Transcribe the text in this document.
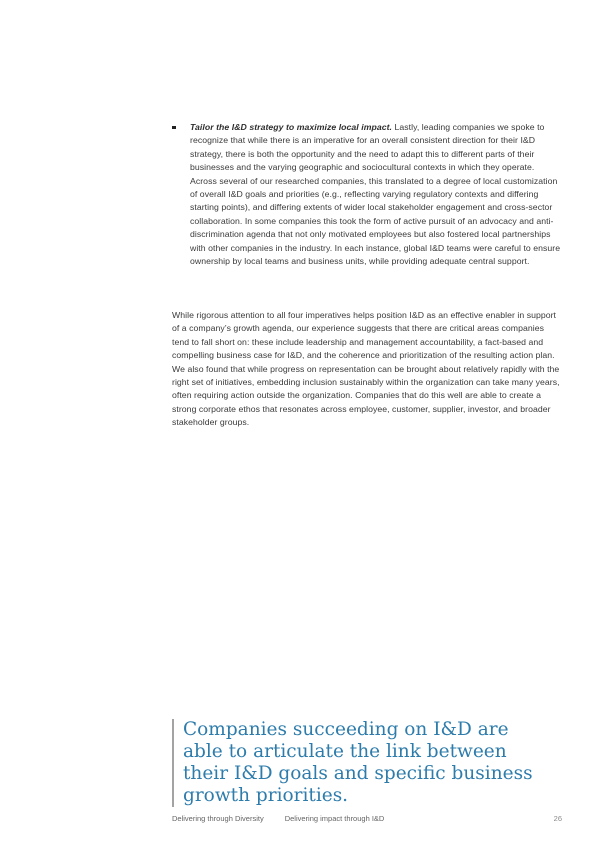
Tailor the I&D strategy to maximize local impact. Lastly, leading companies we spoke to recognize that while there is an imperative for an overall consistent direction for their I&D strategy, there is both the opportunity and the need to adapt this to different parts of their businesses and the varying geographic and sociocultural contexts in which they operate. Across several of our researched companies, this translated to a degree of local customization of overall I&D goals and priorities (e.g., reflecting varying regulatory contexts and differing starting points), and differing extents of wider local stakeholder engagement and cross-sector collaboration. In some companies this took the form of active pursuit of an advocacy and anti-discrimination agenda that not only motivated employees but also fostered local partnerships with other companies in the industry. In each instance, global I&D teams were careful to ensure ownership by local teams and business units, while providing adequate central support.
While rigorous attention to all four imperatives helps position I&D as an effective enabler in support of a company’s growth agenda, our experience suggests that there are critical areas companies tend to fall short on: these include leadership and management accountability, a fact-based and compelling business case for I&D, and the coherence and prioritization of the resulting action plan. We also found that while progress on representation can be brought about relatively rapidly with the right set of initiatives, embedding inclusion sustainably within the organization can take many years, often requiring action outside the organization. Companies that do this well are able to create a strong corporate ethos that resonates across employee, customer, supplier, investor, and broader stakeholder groups.
Companies succeeding on I&D are
able to articulate the link between
their I&D goals and specific business
growth priorities.
Delivering through Diversity	Delivering impact through I&D	26
